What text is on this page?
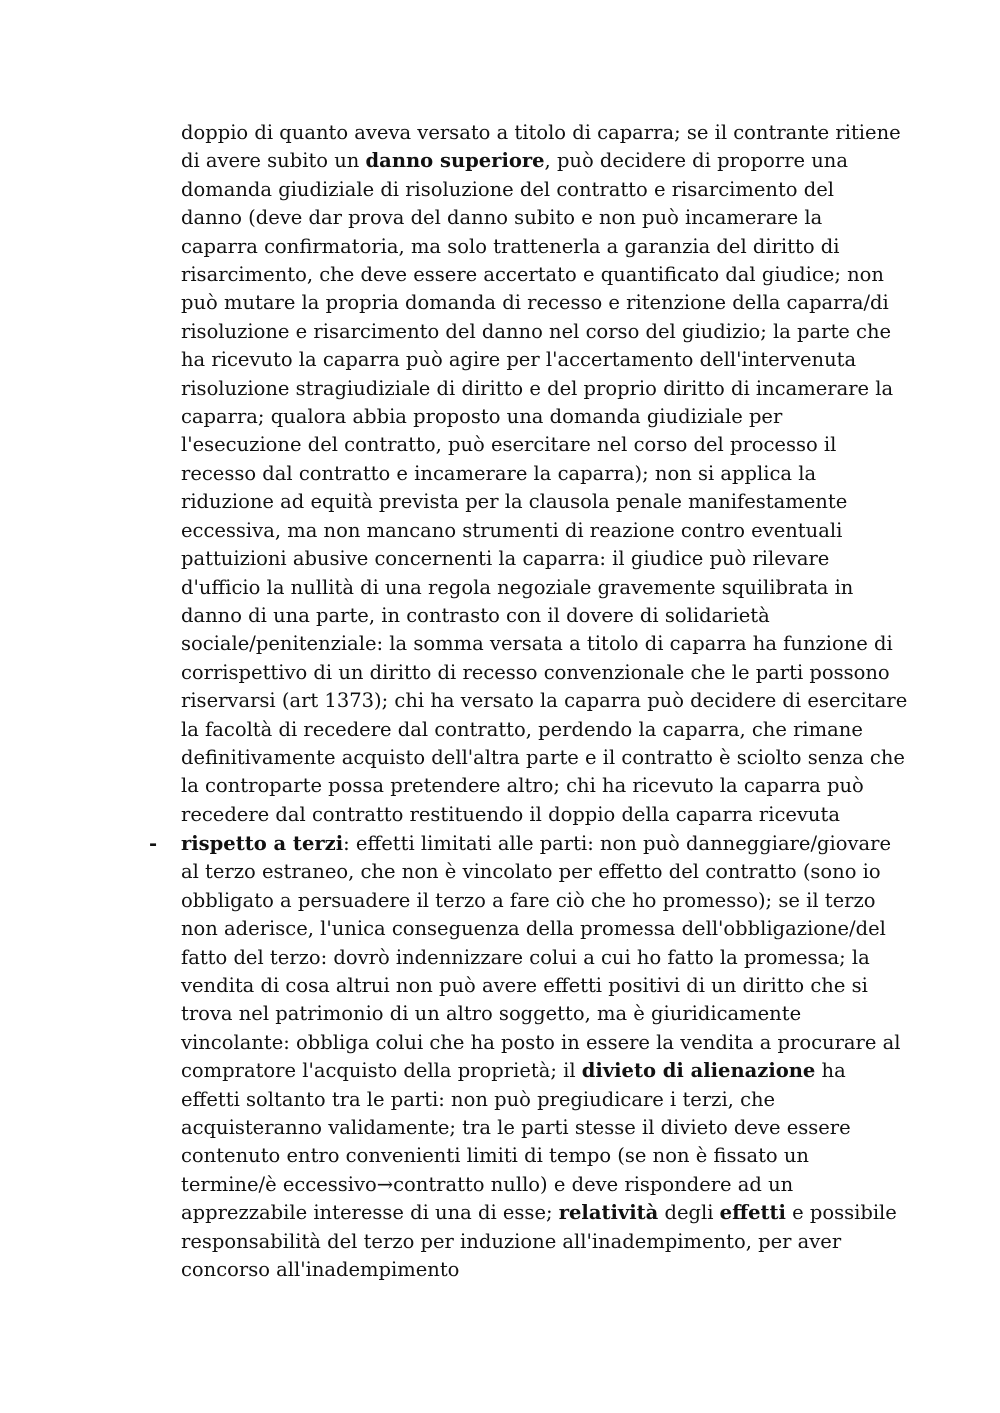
doppio di quanto aveva versato a titolo di caparra; se il contrante ritiene
di avere subito un danno superiore, può decidere di proporre una
domanda giudiziale di risoluzione del contratto e risarcimento del
danno (deve dar prova del danno subito e non può incamerare la
caparra confirmatoria, ma solo trattenerla a garanzia del diritto di
risarcimento, che deve essere accertato e quantificato dal giudice; non
può mutare la propria domanda di recesso e ritenzione della caparra/di
risoluzione e risarcimento del danno nel corso del giudizio; la parte che
ha ricevuto la caparra può agire per l'accertamento dell'intervenuta
risoluzione stragiudiziale di diritto e del proprio diritto di incamerare la
caparra; qualora abbia proposto una domanda giudiziale per
l'esecuzione del contratto, può esercitare nel corso del processo il
recesso dal contratto e incamerare la caparra); non si applica la
riduzione ad equità prevista per la clausola penale manifestamente
eccessiva, ma non mancano strumenti di reazione contro eventuali
pattuizioni abusive concernenti la caparra: il giudice può rilevare
d'ufficio la nullità di una regola negoziale gravemente squilibrata in
danno di una parte, in contrasto con il dovere di solidarietà
sociale/penitenziale: la somma versata a titolo di caparra ha funzione di
corrispettivo di un diritto di recesso convenzionale che le parti possono
riservarsi (art 1373); chi ha versato la caparra può decidere di esercitare
la facoltà di recedere dal contratto, perdendo la caparra, che rimane
definitivamente acquisto dell'altra parte e il contratto è sciolto senza che
la controparte possa pretendere altro; chi ha ricevuto la caparra può
recedere dal contratto restituendo il doppio della caparra ricevuta
- rispetto a terzi: effetti limitati alle parti: non può danneggiare/giovare
al terzo estraneo, che non è vincolato per effetto del contratto (sono io
obbligato a persuadere il terzo a fare ciò che ho promesso); se il terzo
non aderisce, l'unica conseguenza della promessa dell'obbligazione/del
fatto del terzo: dovrò indennizzare colui a cui ho fatto la promessa; la
vendita di cosa altrui non può avere effetti positivi di un diritto che si
trova nel patrimonio di un altro soggetto, ma è giuridicamente
vincolante: obbliga colui che ha posto in essere la vendita a procurare al
compratore l'acquisto della proprietà; il divieto di alienazione ha
effetti soltanto tra le parti: non può pregiudicare i terzi, che
acquisteranno validamente; tra le parti stesse il divieto deve essere
contenuto entro convenienti limiti di tempo (se non è fissato un
termine/è eccessivo→contratto nullo) e deve rispondere ad un
apprezzabile interesse di una di esse; relatività degli effetti e possibile
responsabilità del terzo per induzione all'inadempimento, per aver
concorso all'inadempimento
